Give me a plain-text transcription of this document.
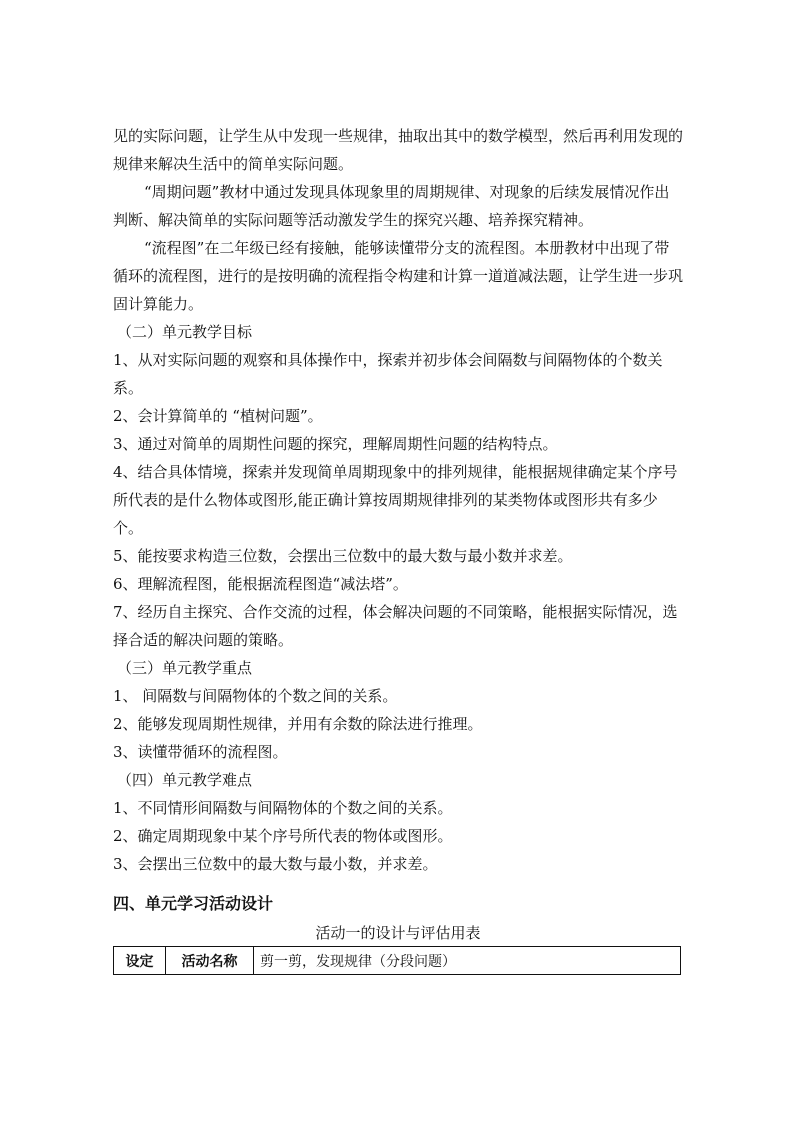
见的实际问题，让学生从中发现一些规律，抽取出其中的数学模型，然后再利用发现的规律来解决生活中的简单实际问题。

“周期问题”教材中通过发现具体现象里的周期规律、对现象的后续发展情况作出判断、解决简单的实际问题等活动激发学生的探究兴趣、培养探究精神。

“流程图”在二年级已经有接触，能够读懂带分支的流程图。本册教材中出现了带循环的流程图，进行的是按明确的流程指令构建和计算一道道减法题，让学生进一步巩固计算能力。

（二）单元教学目标

1、从对实际问题的观察和具体操作中，探索并初步体会间隔数与间隔物体的个数关系。

2、会计算简单的 “植树问题”。

3、通过对简单的周期性问题的探究，理解周期性问题的结构特点。

4、结合具体情境，探索并发现简单周期现象中的排列规律，能根据规律确定某个序号所代表的是什么物体或图形,能正确计算按周期规律排列的某类物体或图形共有多少个。

5、能按要求构造三位数，会摆出三位数中的最大数与最小数并求差。

6、理解流程图，能根据流程图造“减法塔”。

7、经历自主探究、合作交流的过程，体会解决问题的不同策略，能根据实际情况，选择合适的解决问题的策略。

（三）单元教学重点

1、 间隔数与间隔物体的个数之间的关系。

2、能够发现周期性规律，并用有余数的除法进行推理。

3、读懂带循环的流程图。

（四）单元教学难点

1、不同情形间隔数与间隔物体的个数之间的关系。

2、确定周期现象中某个序号所代表的物体或图形。

3、会摆出三位数中的最大数与最小数，并求差。

四、单元学习活动设计

活动一的设计与评估用表

设定	活动名称	剪一剪，发现规律（分段问题）
